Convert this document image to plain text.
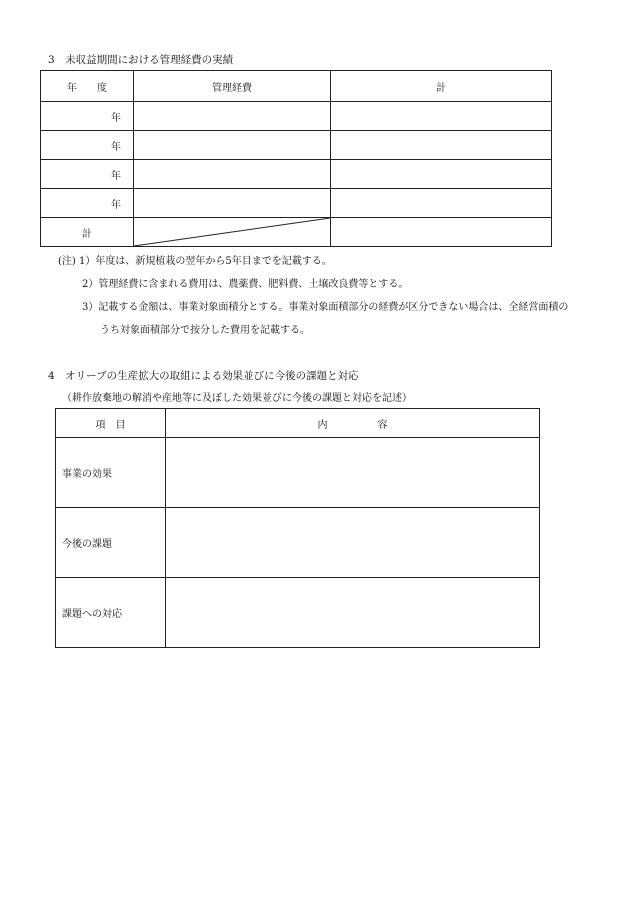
3　未収益期間における管理経費の実績
年　　度	管理経費	計
年		
年		
年		
年		
計	

(注) 1）年度は、新規植栽の翌年から5年目までを記載する。
2）管理経費に含まれる費用は、農薬費、肥料費、土壌改良費等とする。
3）記載する金額は、事業対象面積分とする。事業対象面積部分の経費が区分できない場合は、全経営面積の
うち対象面積部分で按分した費用を記載する。
4　オリーブの生産拡大の取組による効果並びに今後の課題と対応
（耕作放棄地の解消や産地等に及ぼした効果並びに今後の課題と対応を記述）
項　目	内　　　　　容
事業の効果	
今後の課題	
課題への対応	
